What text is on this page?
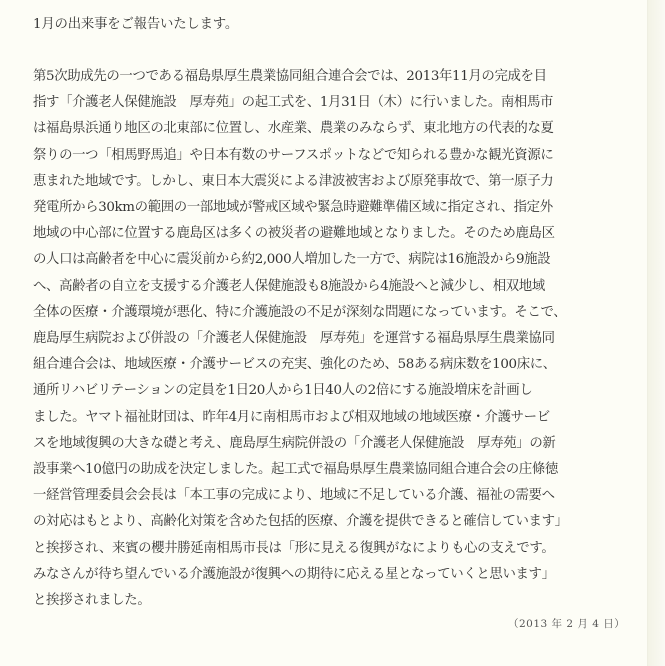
1月の出来事をご報告いたします。

第5次助成先の一つである福島県厚生農業協同組合連合会では、2013年11月の完成を目
指す「介護老人保健施設　厚寿苑」の起工式を、1月31日（木）に行いました。南相馬市
は福島県浜通り地区の北東部に位置し、水産業、農業のみならず、東北地方の代表的な夏
祭りの一つ「相馬野馬追」や日本有数のサーフスポットなどで知られる豊かな観光資源に
恵まれた地域です。しかし、東日本大震災による津波被害および原発事故で、第一原子力
発電所から30kmの範囲の一部地域が警戒区域や緊急時避難準備区域に指定され、指定外
地域の中心部に位置する鹿島区は多くの被災者の避難地域となりました。そのため鹿島区
の人口は高齢者を中心に震災前から約2,000人増加した一方で、病院は16施設から9施設
へ、高齢者の自立を支援する介護老人保健施設も8施設から4施設へと減少し、相双地域
全体の医療・介護環境が悪化、特に介護施設の不足が深刻な問題になっています。そこで、
鹿島厚生病院および併設の「介護老人保健施設　厚寿苑」を運営する福島県厚生農業協同
組合連合会は、地域医療・介護サービスの充実、強化のため、58ある病床数を100床に、
通所リハビリテーションの定員を1日20人から1日40人の2倍にする施設増床を計画し
ました。ヤマト福祉財団は、昨年4月に南相馬市および相双地域の地域医療・介護サービ
スを地域復興の大きな礎と考え、鹿島厚生病院併設の「介護老人保健施設　厚寿苑」の新
設事業へ10億円の助成を決定しました。起工式で福島県厚生農業協同組合連合会の庄條徳
一経営管理委員会会長は「本工事の完成により、地域に不足している介護、福祉の需要へ
の対応はもとより、高齢化対策を含めた包括的医療、介護を提供できると確信しています」
と挨拶され、来賓の櫻井勝延南相馬市長は「形に見える復興がなによりも心の支えです。
みなさんが待ち望んでいる介護施設が復興への期待に応える星となっていくと思います」
と挨拶されました。

（2013 年 2 月 4 日）
